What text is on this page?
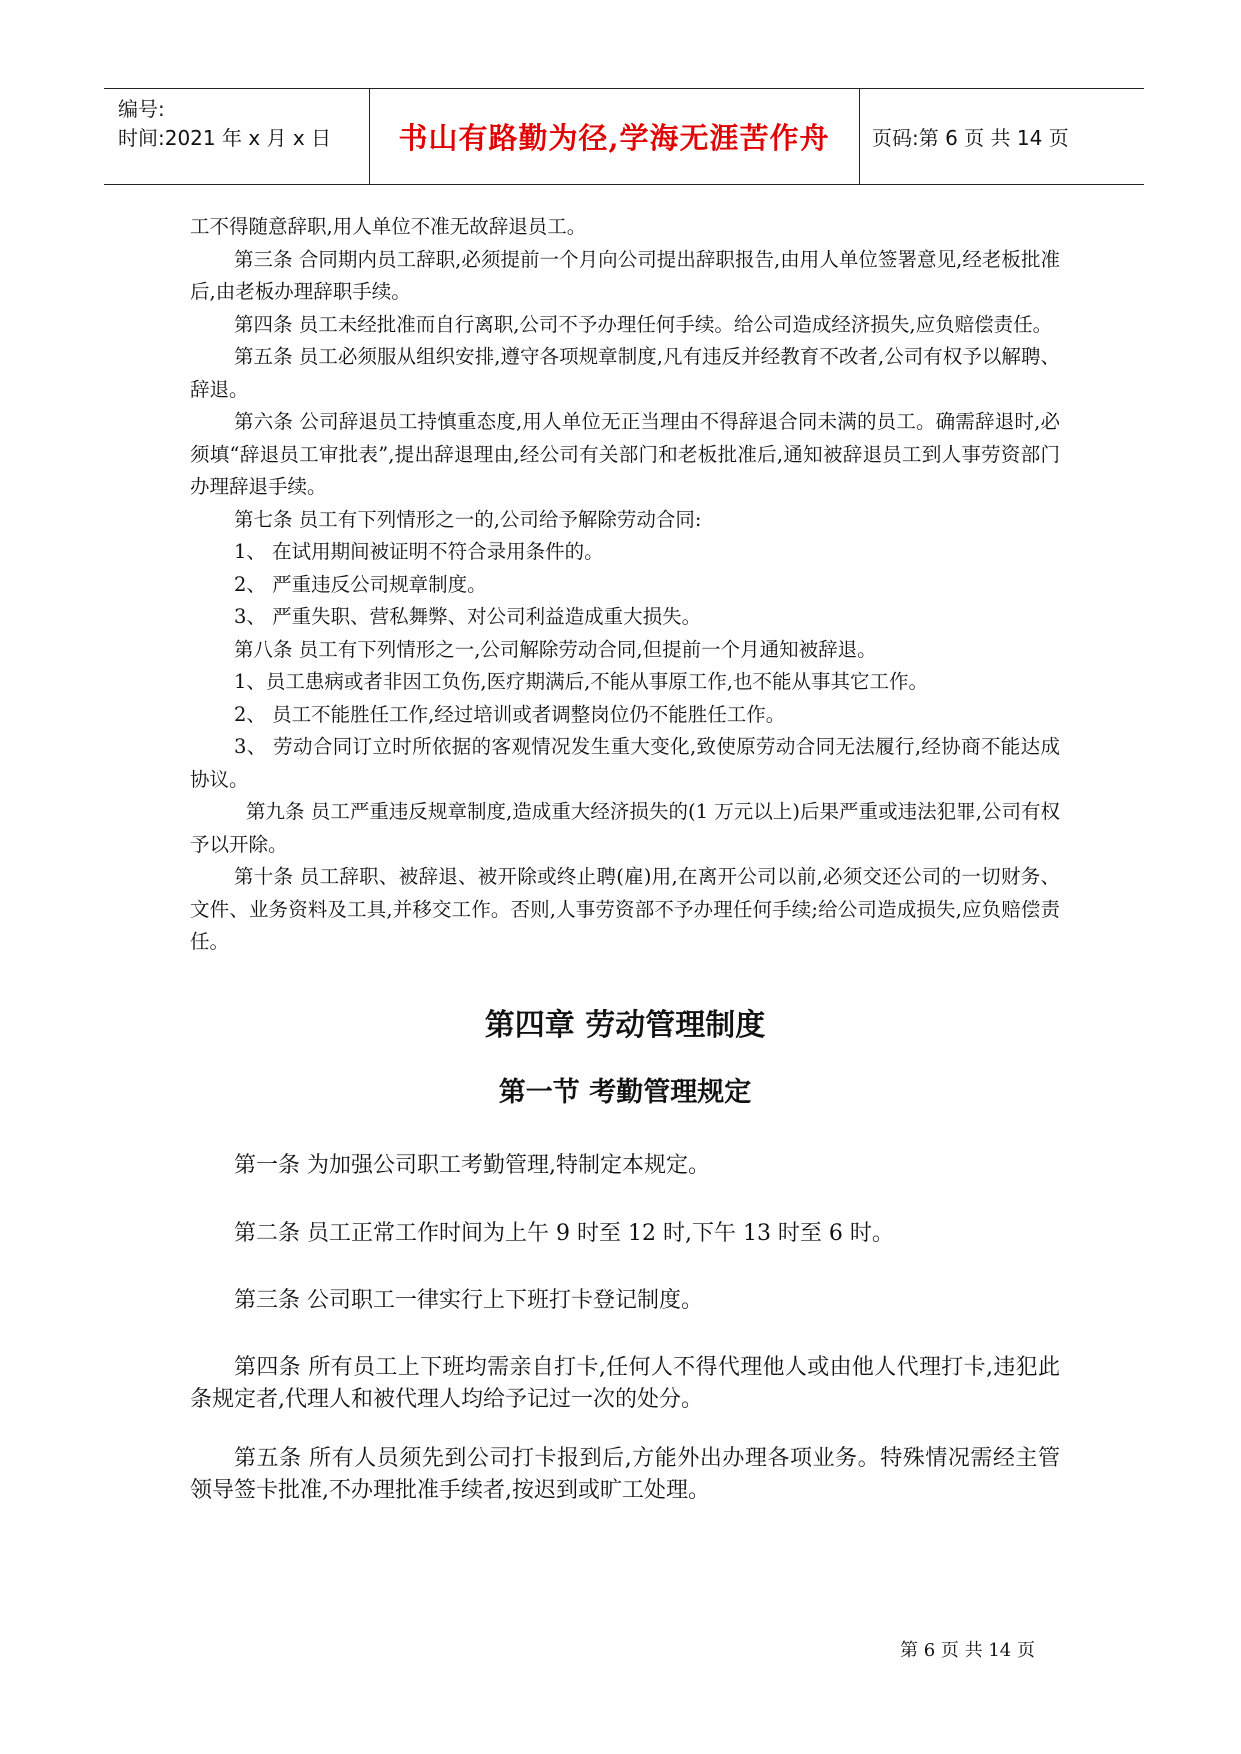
编号:
时间:2021 年 x 月 x 日	书山有路勤为径,学海无涯苦作舟	页码:第 6 页 共 14 页

工不得随意辞职,用人单位不准无故辞退员工。

第三条 合同期内员工辞职,必须提前一个月向公司提出辞职报告,由用人单位签署意见,经老板批准后,由老板办理辞职手续。

第四条 员工未经批准而自行离职,公司不予办理任何手续。给公司造成经济损失,应负赔偿责任。

第五条 员工必须服从组织安排,遵守各项规章制度,凡有违反并经教育不改者,公司有权予以解聘、辞退。

第六条 公司辞退员工持慎重态度,用人单位无正当理由不得辞退合同未满的员工。确需辞退时,必须填“辞退员工审批表”,提出辞退理由,经公司有关部门和老板批准后,通知被辞退员工到人事劳资部门办理辞退手续。

第七条 员工有下列情形之一的,公司给予解除劳动合同:

1、 在试用期间被证明不符合录用条件的。

2、 严重违反公司规章制度。

3、 严重失职、营私舞弊、对公司利益造成重大损失。

第八条 员工有下列情形之一,公司解除劳动合同,但提前一个月通知被辞退。

1、员工患病或者非因工负伤,医疗期满后,不能从事原工作,也不能从事其它工作。

2、 员工不能胜任工作,经过培训或者调整岗位仍不能胜任工作。

3、 劳动合同订立时所依据的客观情况发生重大变化,致使原劳动合同无法履行,经协商不能达成协议。

第九条 员工严重违反规章制度,造成重大经济损失的(1 万元以上)后果严重或违法犯罪,公司有权予以开除。

第十条 员工辞职、被辞退、被开除或终止聘(雇)用,在离开公司以前,必须交还公司的一切财务、文件、业务资料及工具,并移交工作。否则,人事劳资部不予办理任何手续;给公司造成损失,应负赔偿责任。

第四章 劳动管理制度
第一节 考勤管理规定

第一条 为加强公司职工考勤管理,特制定本规定。

第二条 员工正常工作时间为上午 9 时至 12 时,下午 13 时至 6 时。

第三条 公司职工一律实行上下班打卡登记制度。

第四条 所有员工上下班均需亲自打卡,任何人不得代理他人或由他人代理打卡,违犯此条规定者,代理人和被代理人均给予记过一次的处分。

第五条 所有人员须先到公司打卡报到后,方能外出办理各项业务。特殊情况需经主管领导签卡批准,不办理批准手续者,按迟到或旷工处理。

第 6 页 共 14 页
